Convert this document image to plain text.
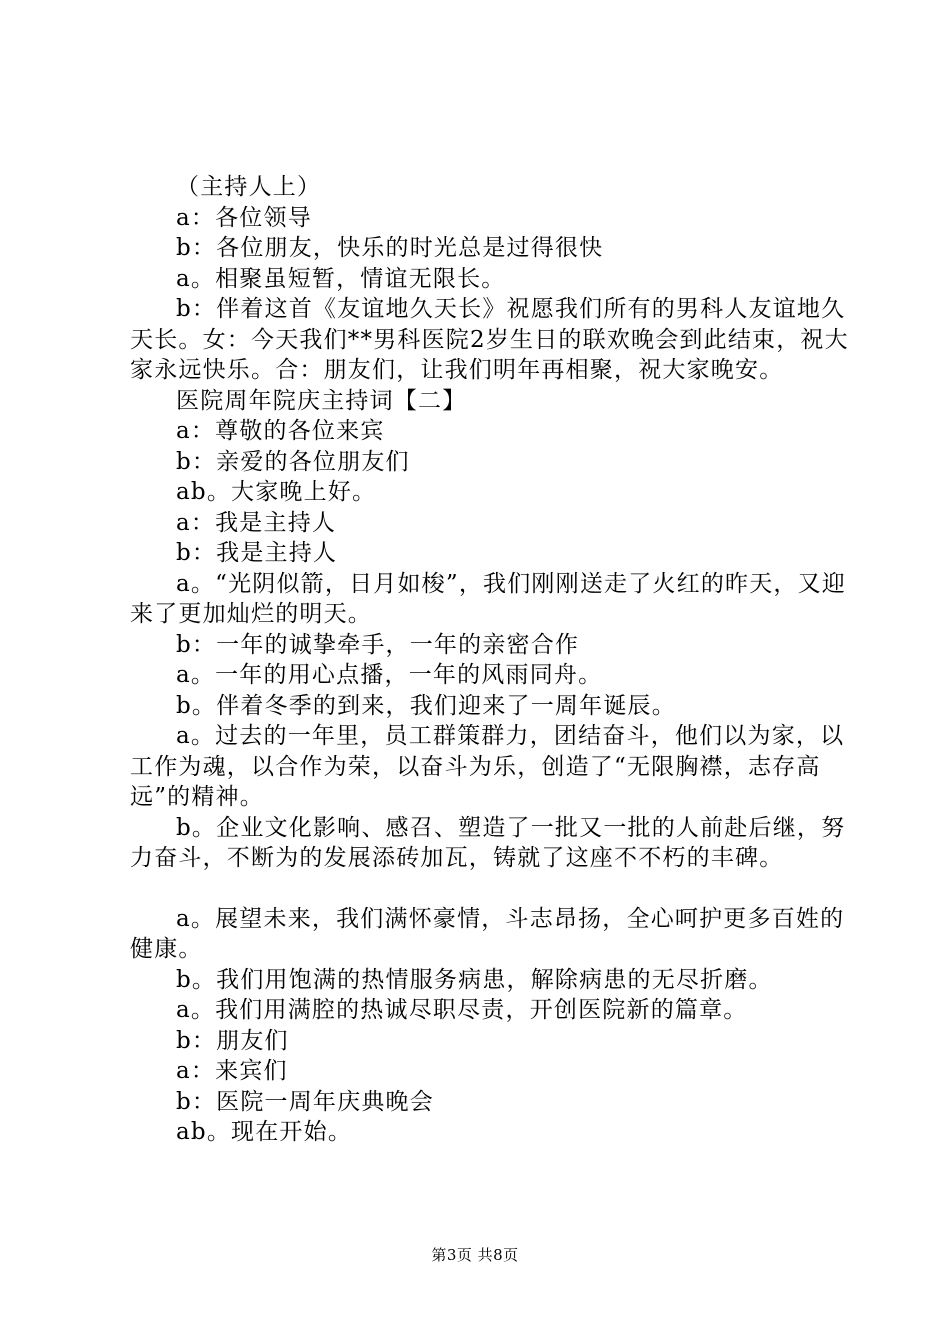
（主持人上）

a：各位领导

b：各位朋友，快乐的时光总是过得很快

a。相聚虽短暂，情谊无限长。

b：伴着这首《友谊地久天长》祝愿我们所有的男科人友谊地久天长。女：今天我们**男科医院2岁生日的联欢晚会到此结束，祝大家永远快乐。合：朋友们，让我们明年再相聚，祝大家晚安。

医院周年院庆主持词【二】

a：尊敬的各位来宾

b：亲爱的各位朋友们

ab。大家晚上好。

a：我是主持人

b：我是主持人

a。“光阴似箭，日月如梭”，我们刚刚送走了火红的昨天，又迎来了更加灿烂的明天。

b：一年的诚挚牵手，一年的亲密合作

a。一年的用心点播，一年的风雨同舟。

b。伴着冬季的到来，我们迎来了一周年诞辰。

a。过去的一年里，员工群策群力，团结奋斗，他们以为家，以工作为魂，以合作为荣，以奋斗为乐，创造了“无限胸襟，志存高远”的精神。

b。企业文化影响、感召、塑造了一批又一批的人前赴后继，努力奋斗，不断为的发展添砖加瓦，铸就了这座不不朽的丰碑。

a。展望未来，我们满怀豪情，斗志昂扬，全心呵护更多百姓的健康。

b。我们用饱满的热情服务病患，解除病患的无尽折磨。

a。我们用满腔的热诚尽职尽责，开创医院新的篇章。

b：朋友们

a：来宾们

b：医院一周年庆典晚会

ab。现在开始。

第3页 共8页
